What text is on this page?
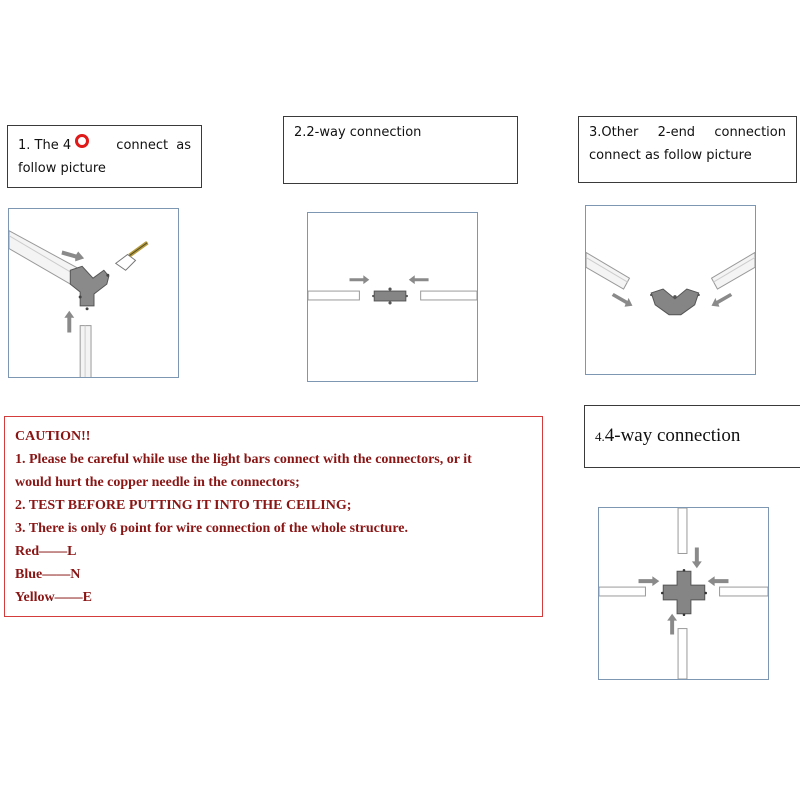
1. The 4	connect as
follow picture
2.2-way connection	3.Other 2-end connection
connect as follow picture
CAUTION!!
1. Please be careful while use the light bars connect with the connectors, or it
would hurt the copper needle in the connectors;
2. TEST BEFORE PUTTING IT INTO THE CEILING;
3. There is only 6 point for wire connection of the whole structure.
Red——L
Blue——N
Yellow——E
4.4-way connection
